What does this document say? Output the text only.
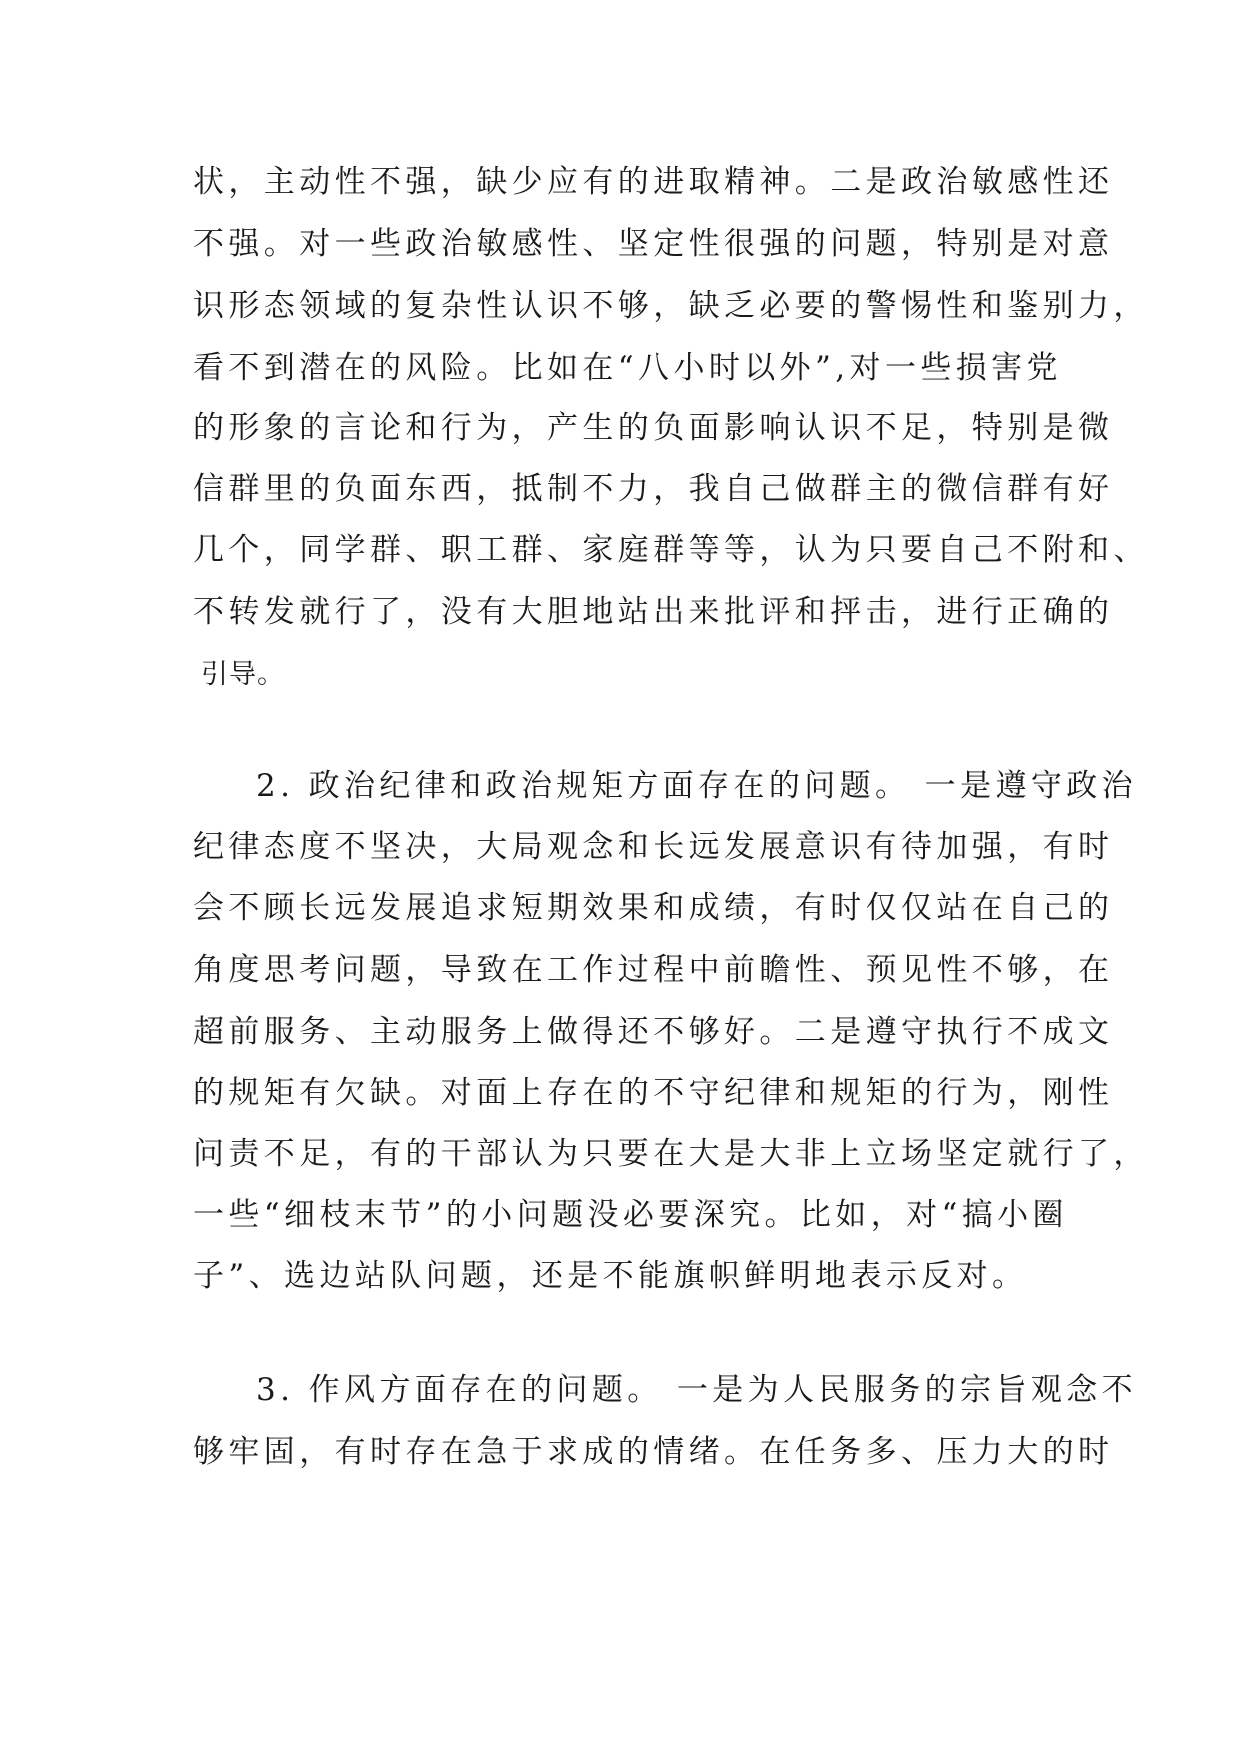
状，主动性不强，缺少应有的进取精神。二是政治敏感性还
不强。对一些政治敏感性、坚定性很强的问题，特别是对意
识形态领域的复杂性认识不够，缺乏必要的警惕性和鉴别力，
看不到潜在的风险。比如在“八小时以外”,对一些损害党
的形象的言论和行为，产生的负面影响认识不足，特别是微
信群里的负面东西，抵制不力，我自己做群主的微信群有好
几个，同学群、职工群、家庭群等等，认为只要自己不附和、
不转发就行了，没有大胆地站出来批评和抨击，进行正确的
引导。
2. 政治纪律和政治规矩方面存在的问题。 一是遵守政治
纪律态度不坚决，大局观念和长远发展意识有待加强，有时
会不顾长远发展追求短期效果和成绩，有时仅仅站在自己的
角度思考问题，导致在工作过程中前瞻性、预见性不够，在
超前服务、主动服务上做得还不够好。二是遵守执行不成文
的规矩有欠缺。对面上存在的不守纪律和规矩的行为，刚性
问责不足，有的干部认为只要在大是大非上立场坚定就行了，
一些“细枝末节”的小问题没必要深究。比如，对“搞小圈
子”、选边站队问题，还是不能旗帜鲜明地表示反对。
3. 作风方面存在的问题。 一是为人民服务的宗旨观念不
够牢固，有时存在急于求成的情绪。在任务多、压力大的时
